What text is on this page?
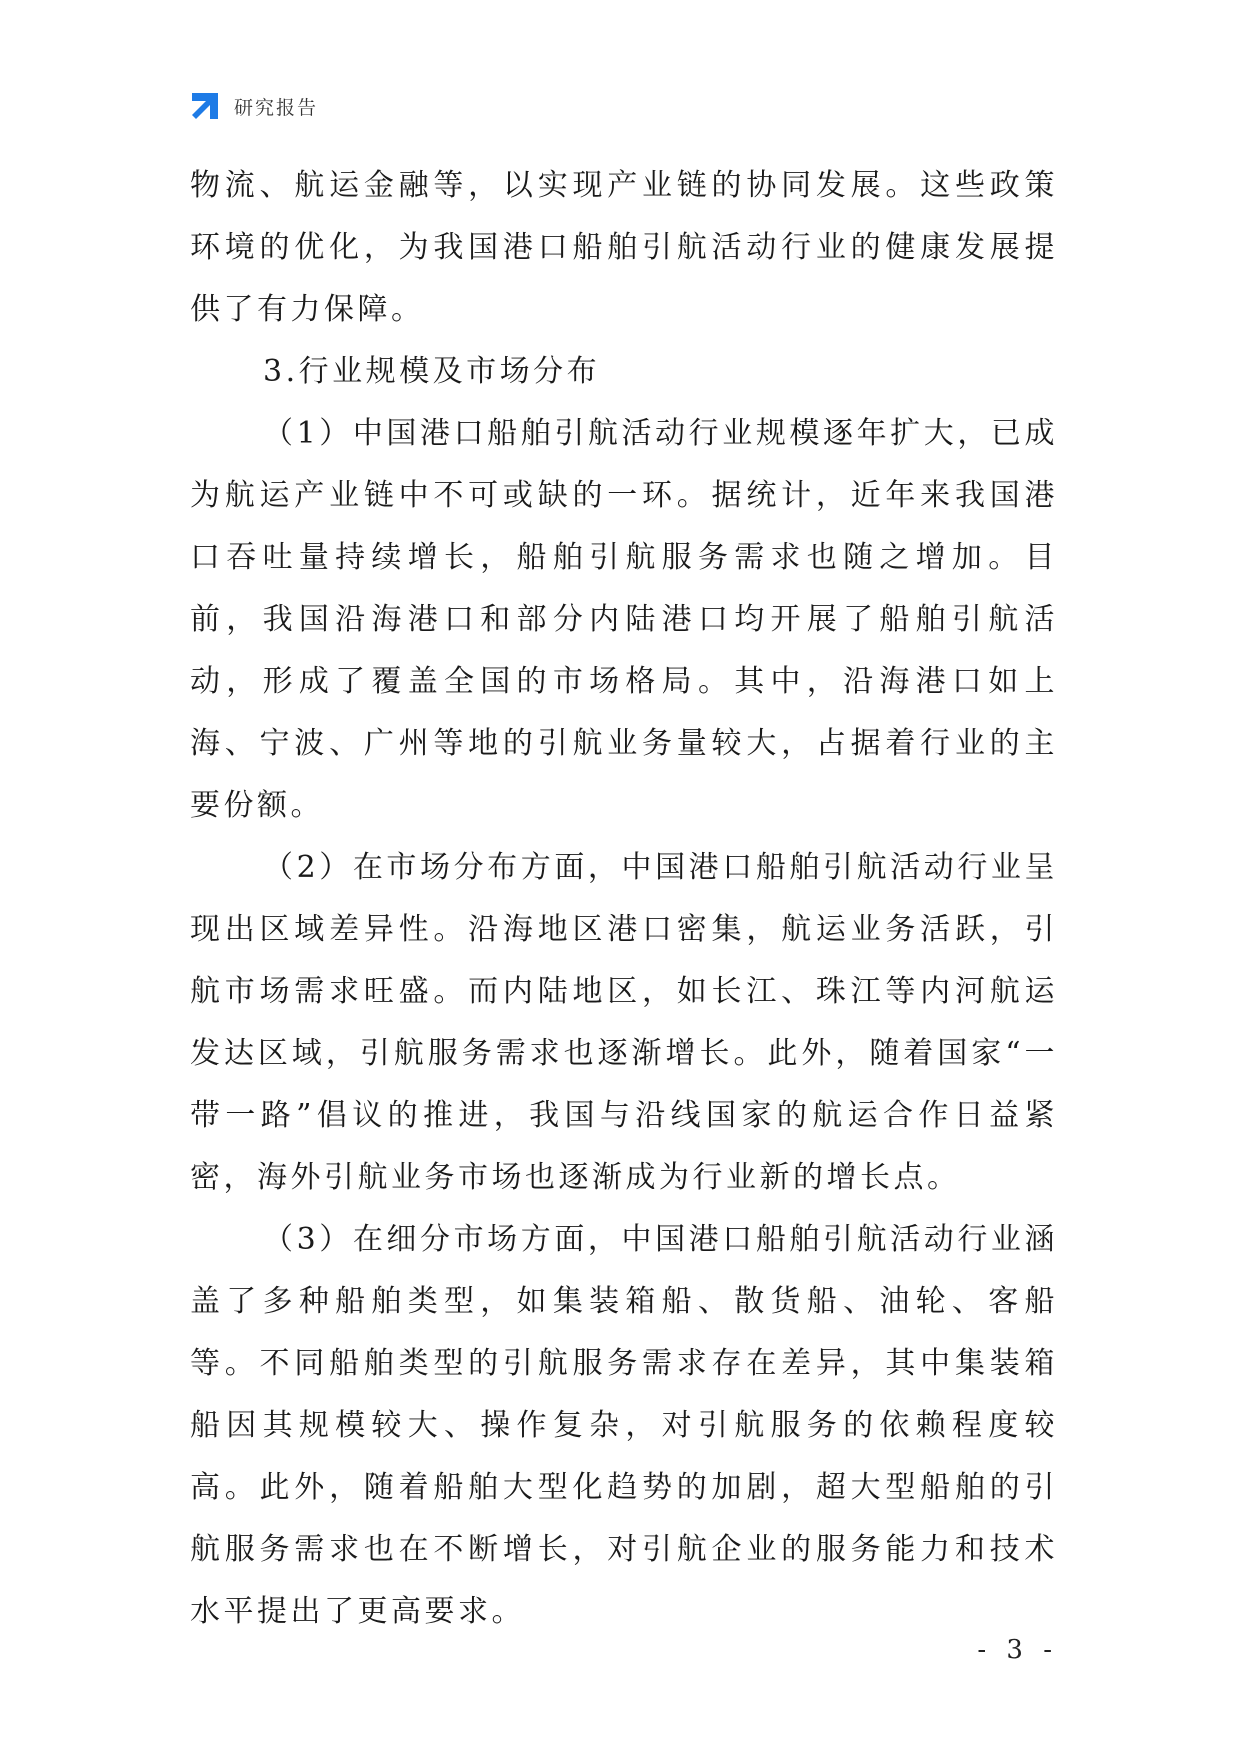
研究报告

物流、航运金融等，以实现产业链的协同发展。这些政策环境的优化，为我国港口船舶引航活动行业的健康发展提供了有力保障。

3.行业规模及市场分布

（1）中国港口船舶引航活动行业规模逐年扩大，已成为航运产业链中不可或缺的一环。据统计，近年来我国港口吞吐量持续增长，船舶引航服务需求也随之增加。目前，我国沿海港口和部分内陆港口均开展了船舶引航活动，形成了覆盖全国的市场格局。其中，沿海港口如上海、宁波、广州等地的引航业务量较大，占据着行业的主要份额。

（2）在市场分布方面，中国港口船舶引航活动行业呈现出区域差异性。沿海地区港口密集，航运业务活跃，引航市场需求旺盛。而内陆地区，如长江、珠江等内河航运发达区域，引航服务需求也逐渐增长。此外，随着国家“一带一路”倡议的推进，我国与沿线国家的航运合作日益紧密，海外引航业务市场也逐渐成为行业新的增长点。

（3）在细分市场方面，中国港口船舶引航活动行业涵盖了多种船舶类型，如集装箱船、散货船、油轮、客船等。不同船舶类型的引航服务需求存在差异，其中集装箱船因其规模较大、操作复杂，对引航服务的依赖程度较高。此外，随着船舶大型化趋势的加剧，超大型船舶的引航服务需求也在不断增长，对引航企业的服务能力和技术水平提出了更高要求。

- 3 -
